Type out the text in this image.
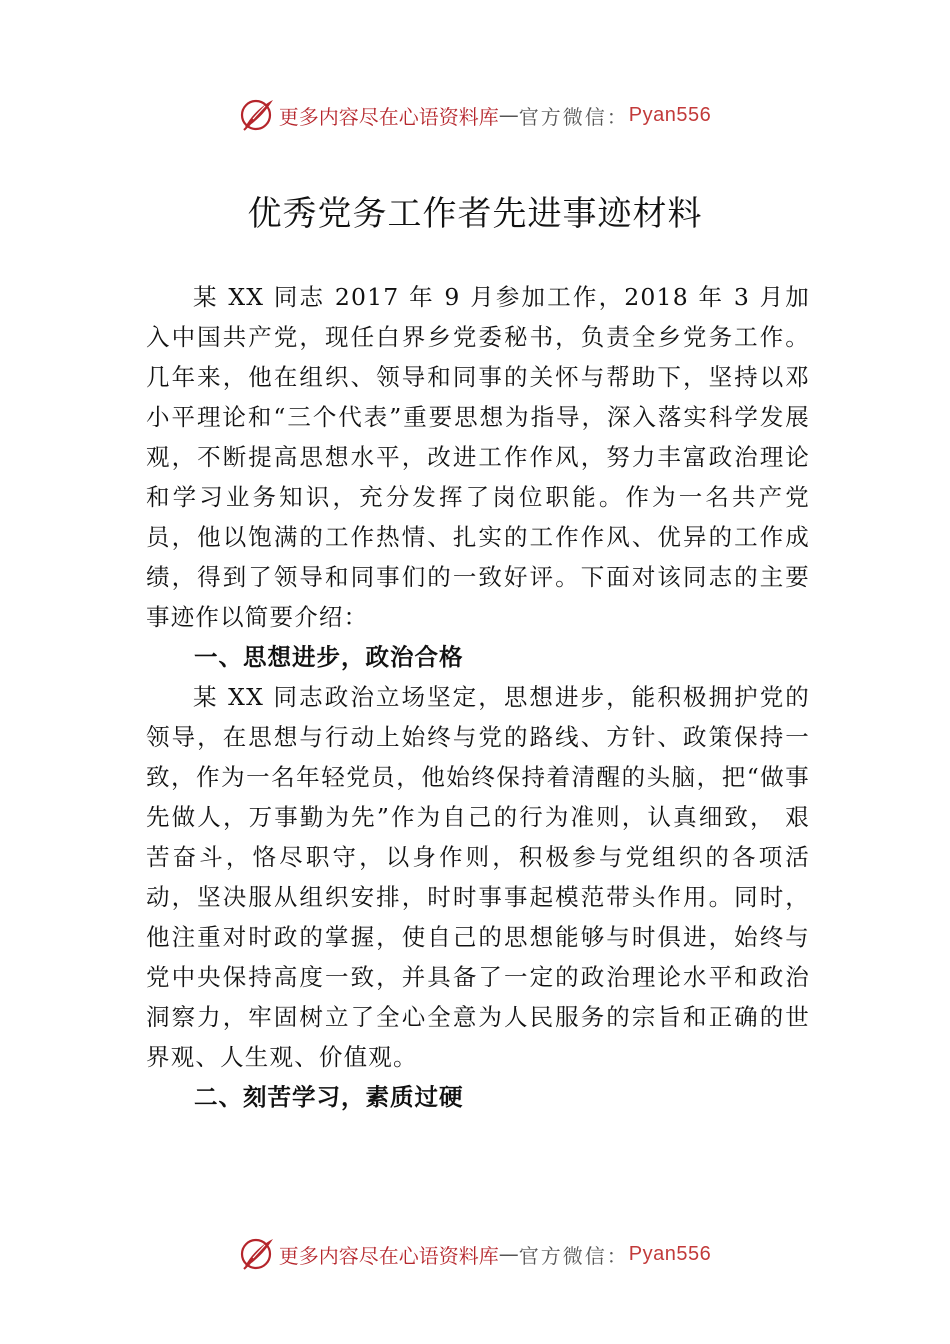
更多内容尽在心语资料库 — 官方微信： Pyan556
优秀党务工作者先进事迹材料

某 XX 同志 2017 年 9 月参加工作，2018 年 3 月加入中国共产党，现任白界乡党委秘书，负责全乡党务工作。几年来，他在组织、领导和同事的关怀与帮助下，坚持以邓小平理论和“三个代表”重要思想为指导，深入落实科学发展观，不断提高思想水平，改进工作作风，努力丰富政治理论和学习业务知识，充分发挥了岗位职能。作为一名共产党员，他以饱满的工作热情、扎实的工作作风、优异的工作成绩，得到了领导和同事们的一致好评。下面对该同志的主要事迹作以简要介绍：

一、思想进步，政治合格

某 XX 同志政治立场坚定，思想进步，能积极拥护党的领导，在思想与行动上始终与党的路线、方针、政策保持一致，作为一名年轻党员，他始终保持着清醒的头脑，把“做事先做人，万事勤为先”作为自己的行为准则，认真细致， 艰苦奋斗，恪尽职守，以身作则，积极参与党组织的各项活动，坚决服从组织安排，时时事事起模范带头作用。同时， 他注重对时政的掌握，使自己的思想能够与时俱进，始终与党中央保持高度一致，并具备了一定的政治理论水平和政治洞察力，牢固树立了全心全意为人民服务的宗旨和正确的世界观、人生观、价值观。

二、刻苦学习，素质过硬
更多内容尽在心语资料库 — 官方微信： Pyan556
